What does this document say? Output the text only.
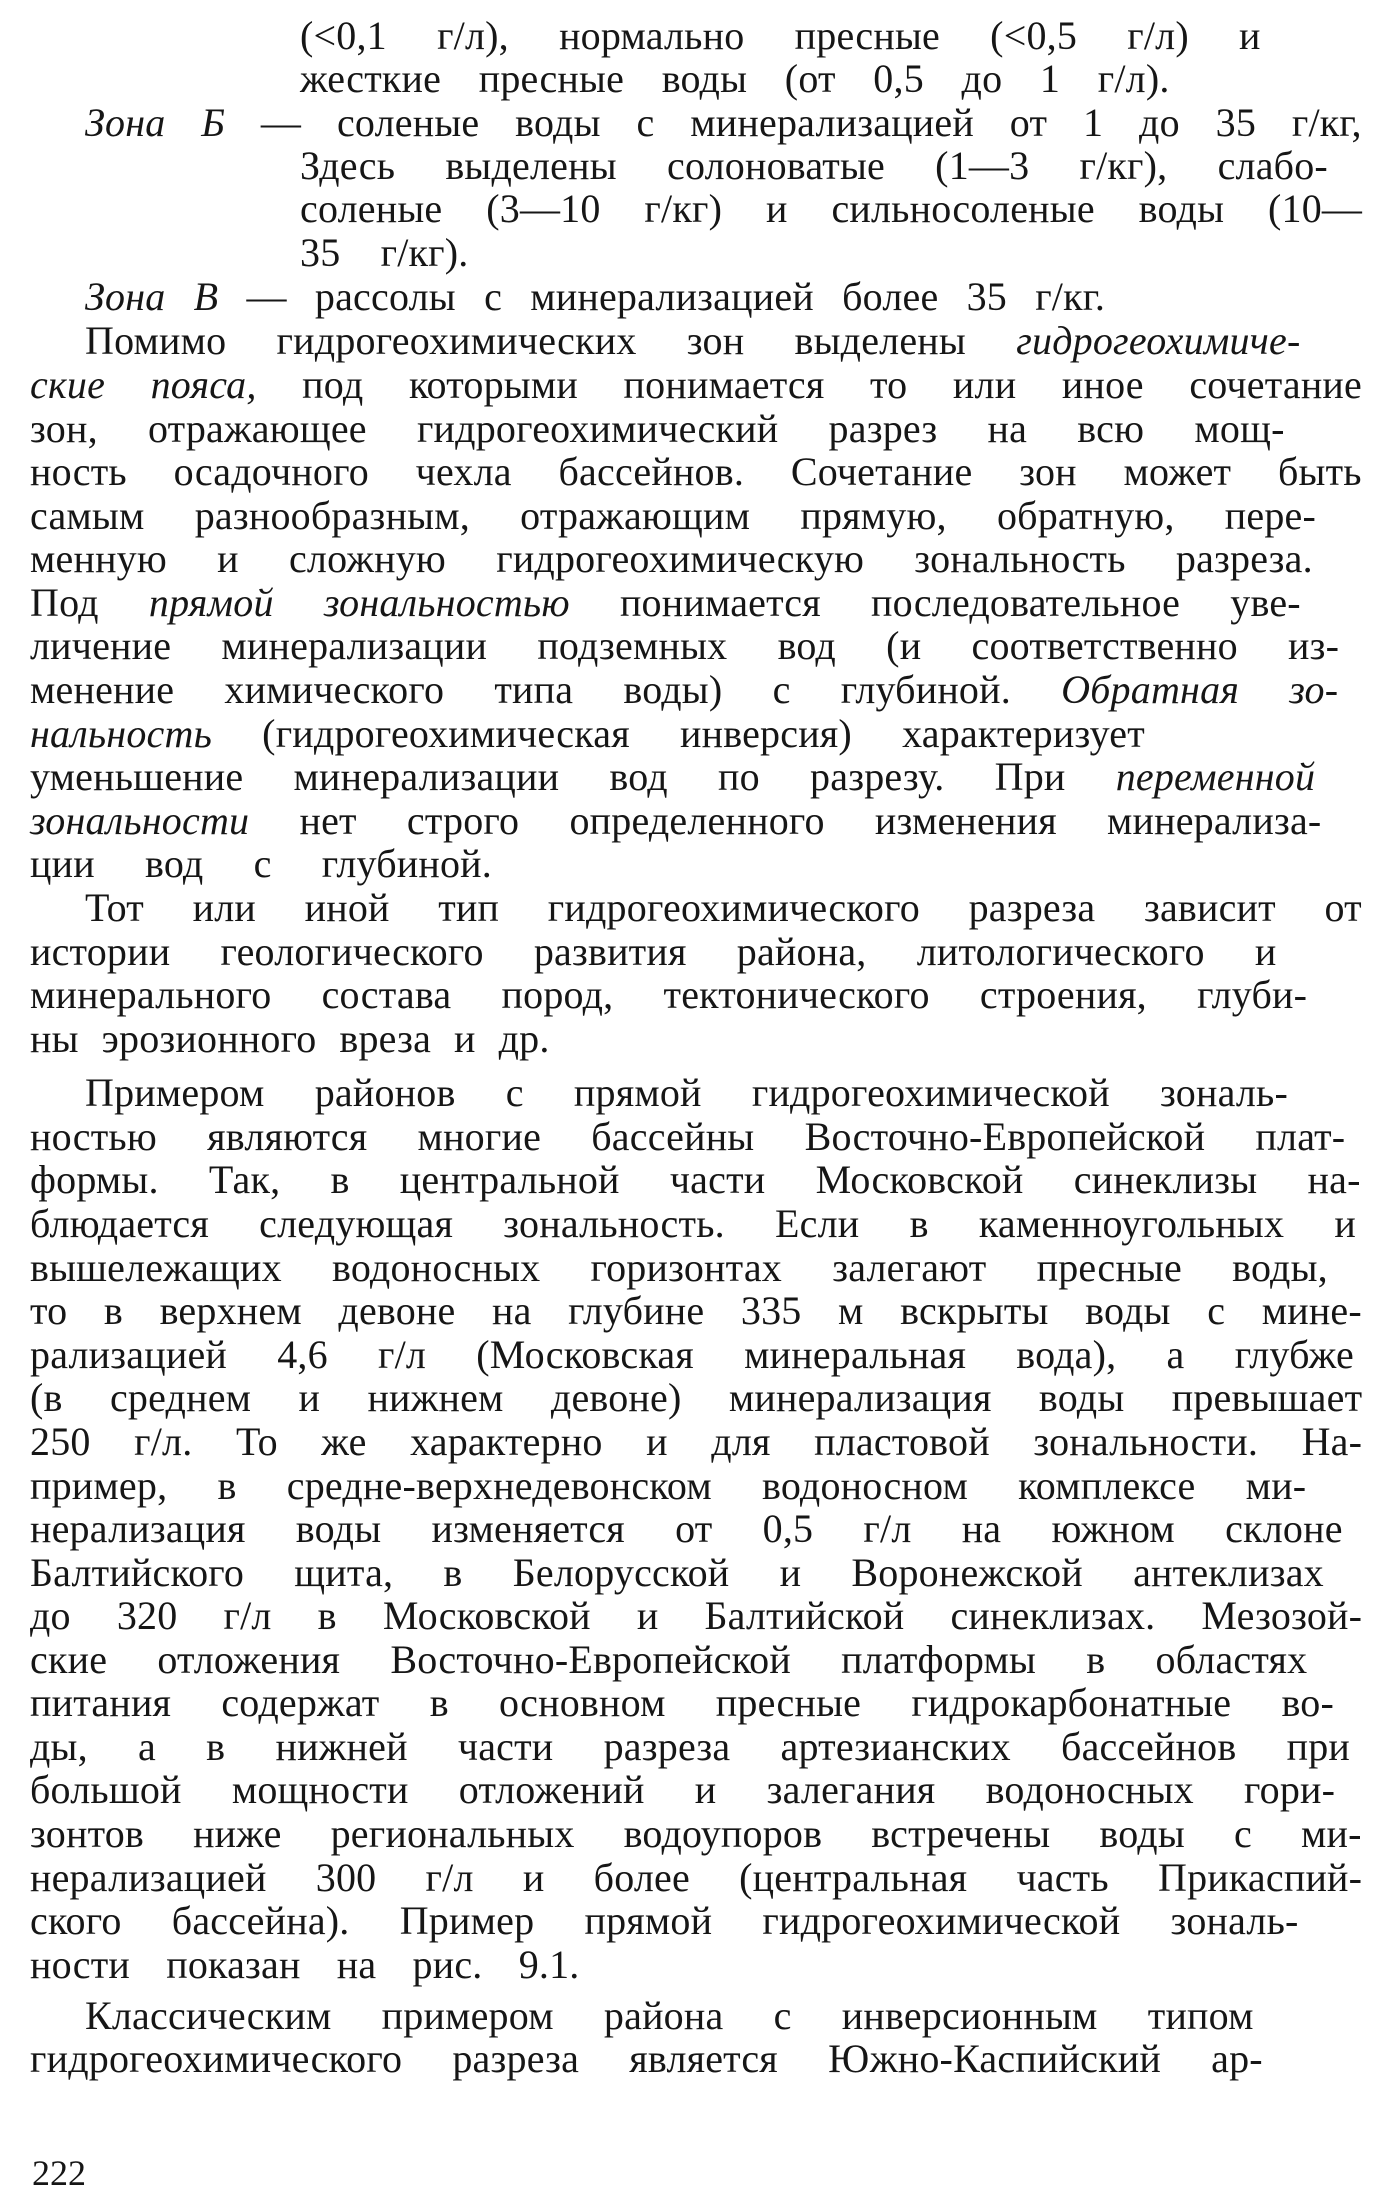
(<0,1 г/л), нормально пресные (<0,5 г/л) и
жесткие пресные воды (от 0,5 до 1 г/л).
Зона Б — соленые воды с минерализацией от 1 до 35 г/кг,
Здесь выделены солоноватые (1—3 г/кг), слабо-
соленые (3—10 г/кг) и сильносоленые воды (10—
35 г/кг).
Зона В — рассолы с минерализацией более 35 г/кг.
Помимо гидрогеохимических зон выделены гидрогеохимиче-
ские пояса, под которыми понимается то или иное сочетание
зон, отражающее гидрогеохимический разрез на всю мощ-
ность осадочного чехла бассейнов. Сочетание зон может быть
самым разнообразным, отражающим прямую, обратную, пере-
менную и сложную гидрогеохимическую зональность разреза.
Под прямой зональностью понимается последовательное уве-
личение минерализации подземных вод (и соответственно из-
менение химического типа воды) с глубиной. Обратная зо-
нальность (гидрогеохимическая инверсия) характеризует
уменьшение минерализации вод по разрезу. При переменной
зональности нет строго определенного изменения минерализа-
ции вод с глубиной.
Тот или иной тип гидрогеохимического разреза зависит от
истории геологического развития района, литологического и
минерального состава пород, тектонического строения, глуби-
ны эрозионного вреза и др.
Примером районов с прямой гидрогеохимической зональ-
ностью являются многие бассейны Восточно-Европейской плат-
формы. Так, в центральной части Московской синеклизы на-
блюдается следующая зональность. Если в каменноугольных и
вышележащих водоносных горизонтах залегают пресные воды,
то в верхнем девоне на глубине 335 м вскрыты воды с мине-
рализацией 4,6 г/л (Московская минеральная вода), а глубже
(в среднем и нижнем девоне) минерализация воды превышает
250 г/л. То же характерно и для пластовой зональности. На-
пример, в средне-верхнедевонском водоносном комплексе ми-
нерализация воды изменяется от 0,5 г/л на южном склоне
Балтийского щита, в Белорусской и Воронежской антеклизах
до 320 г/л в Московской и Балтийской синеклизах. Мезозой-
ские отложения Восточно-Европейской платформы в областях
питания содержат в основном пресные гидрокарбонатные во-
ды, а в нижней части разреза артезианских бассейнов при
большой мощности отложений и залегания водоносных гори-
зонтов ниже региональных водоупоров встречены воды с ми-
нерализацией 300 г/л и более (центральная часть Прикаспий-
ского бассейна). Пример прямой гидрогеохимической зональ-
ности показан на рис. 9.1.
Классическим примером района с инверсионным типом
гидрогеохимического разреза является Южно-Каспийский ар-
222
